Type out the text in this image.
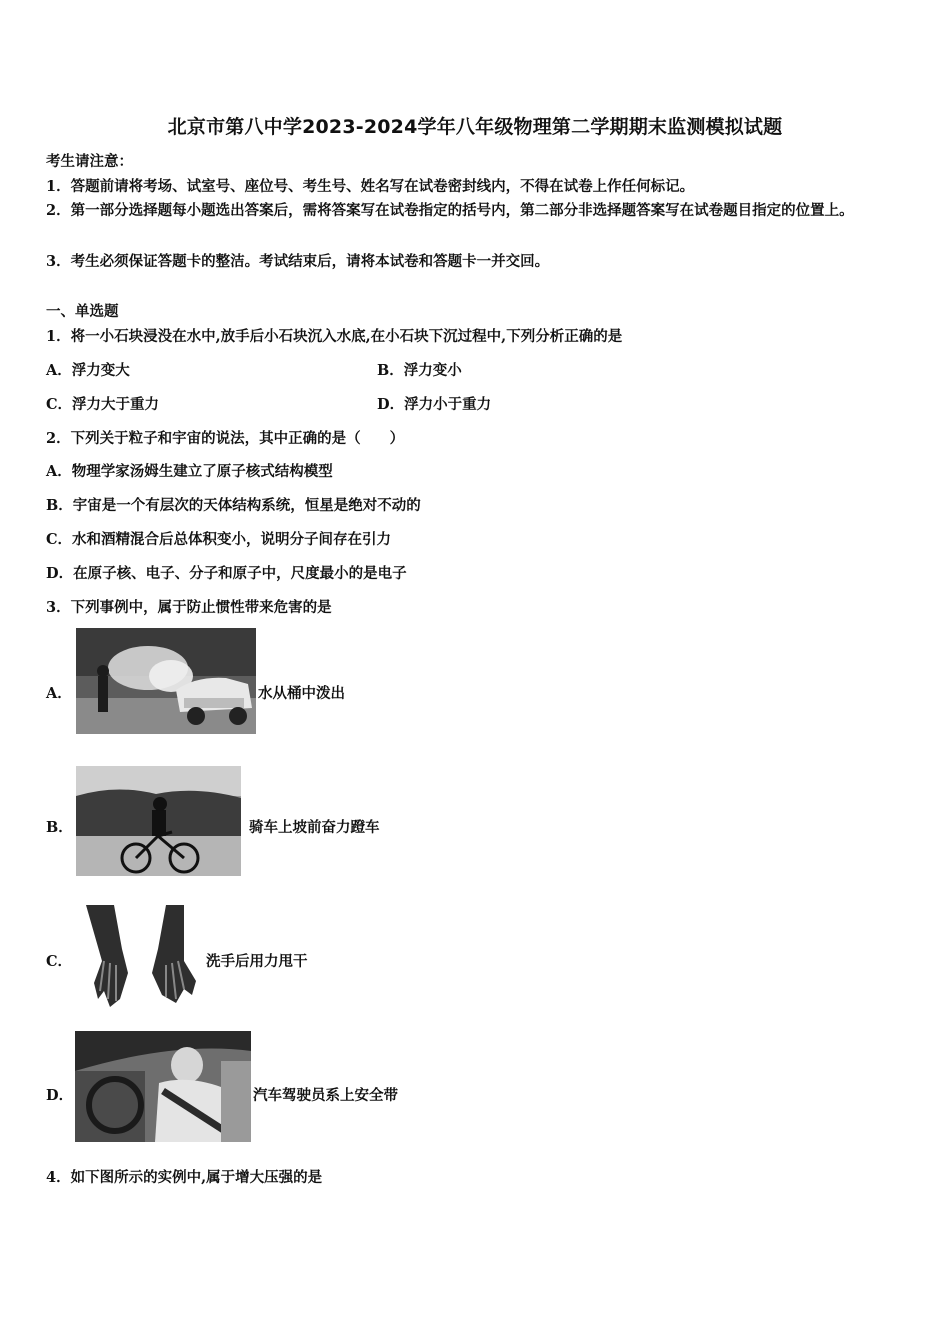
北京市第八中学2023-2024学年八年级物理第二学期期末监测模拟试题
考生请注意：
1．答题前请将考场、试室号、座位号、考生号、姓名写在试卷密封线内，不得在试卷上作任何标记。
2．第一部分选择题每小题选出答案后，需将答案写在试卷指定的括号内，第二部分非选择题答案写在试卷题目指定的位置上。
3．考生必须保证答题卡的整洁。考试结束后，请将本试卷和答题卡一并交回。
一、单选题
1．将一小石块浸没在水中,放手后小石块沉入水底,在小石块下沉过程中,下列分析正确的是
A．浮力变大	B．浮力变小
C．浮力大于重力	D．浮力小于重力
2．下列关于粒子和宇宙的说法，其中正确的是（　　）
A．物理学家汤姆生建立了原子核式结构模型
B．宇宙是一个有层次的天体结构系统，恒星是绝对不动的
C．水和酒精混合后总体积变小，说明分子间存在引力
D．在原子核、电子、分子和原子中，尺度最小的是电子
3．下列事例中，属于防止惯性带来危害的是
A．	水从桶中泼出
B．	骑车上坡前奋力蹬车
C．	洗手后用力甩干
D．	汽车驾驶员系上安全带
4．如下图所示的实例中,属于增大压强的是
